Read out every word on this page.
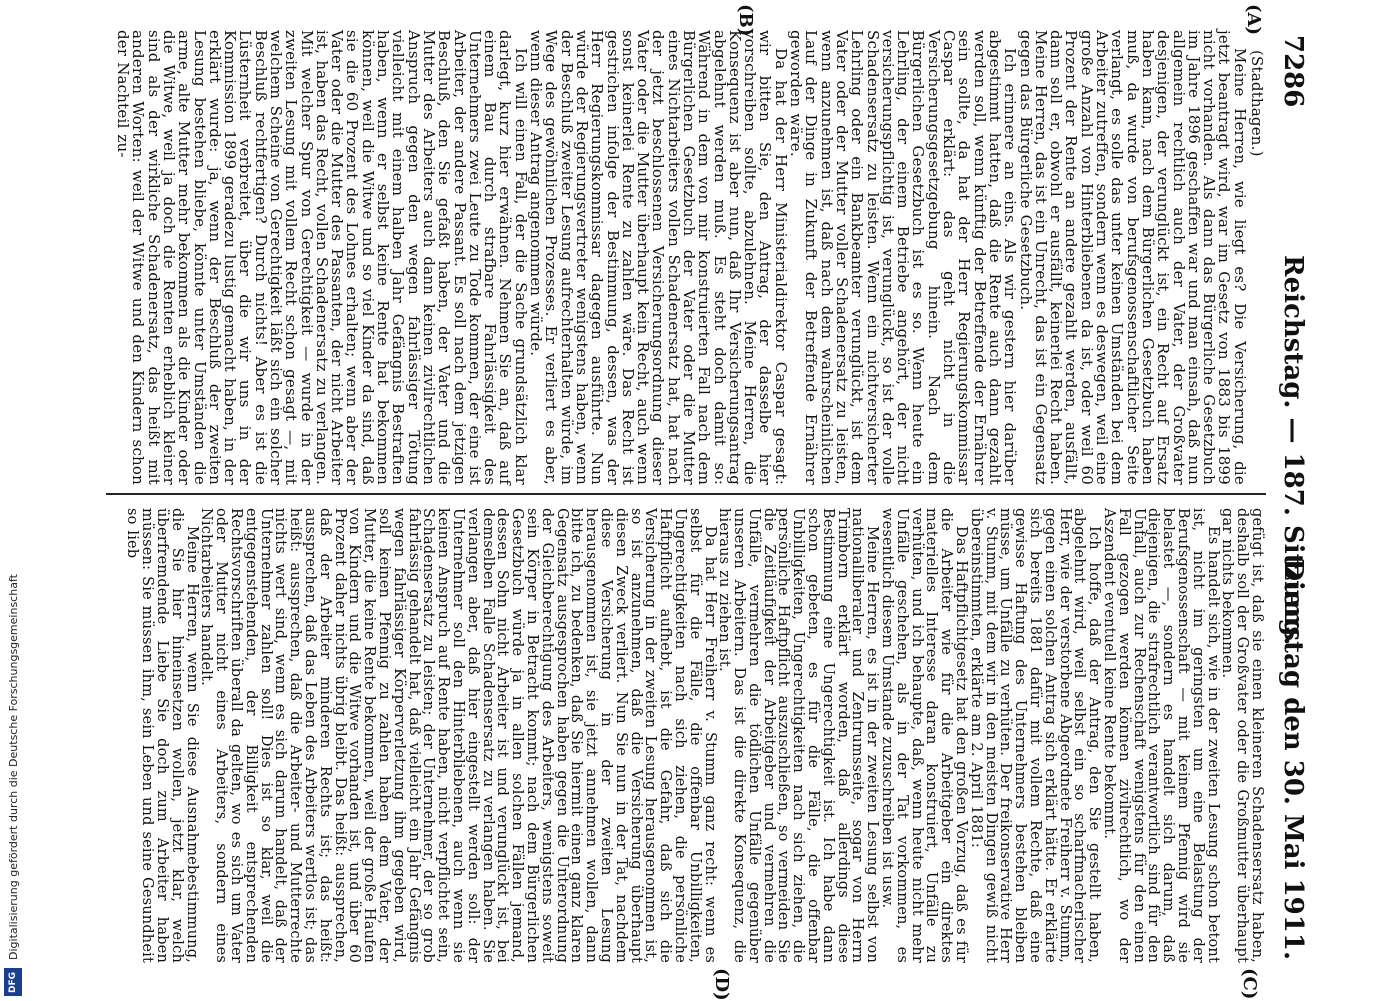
Digitalisierung gefördert durch die Deutsche Forschungsgemeinschaft
DFG
7286
Reichstag. — 187. Sitzung.
Dienstag den 30. Mai 1911.
(A)
(B)
(C)
(D)
(Stadthagen.)

Meine Herren, wie liegt es? Die Versicherung, die jetzt beantragt wird, war im Gesetz von 1883 bis 1899 nicht vorhanden. Als dann das Bürgerliche Gesetzbuch im Jahre 1896 geschaffen war und man einsah, daß nun allgemein rechtlich auch der Vater, der Großvater desjenigen, der verunglückt ist, ein Recht auf Ersatz haben kann, nach dem Bürgerlichen Gesetzbuch haben muß, da wurde von berufsgenossenschaftlicher Seite verlangt, es solle das unter keinen Umständen bei dem Arbeiter zutreffen, sondern wenn es deswegen, weil eine große Anzahl von Hinterbliebenen da ist, oder weil 60 Prozent der Rente an andere gezahlt werden, ausfällt, dann soll er, obwohl er ausfällt, keinerlei Recht haben. Meine Herren, das ist ein Unrecht, das ist ein Gegensatz gegen das Bürgerliche Gesetzbuch.

Ich erinnere an eins. Als wir gestern hier darüber abgestimmt hatten, daß die Rente auch dann gezahlt werden soll, wenn künftig der Betreffende der Ernährer sein sollte, da hat der Herr Regierungskommissar Caspar erklärt: das geht nicht in die Versicherungsgesetzgebung hinein. Nach dem Bürgerlichen Gesetzbuch ist es so. Wenn heute ein Lehrling, der einem Betriebe angehört, der nicht versicherungspflichtig ist, verunglückt, so ist der volle Schadensersatz zu leisten. Wenn ein nichtversicherter Lehrling oder ein Bankbeamter verunglückt, ist dem Vater oder der Mutter voller Schadenersatz zu leisten, wenn anzunehmen ist, daß nach dem wahrscheinlichen Lauf der Dinge in Zukunft der Betreffende Ernährer geworden wäre.

Da hat der Herr Ministerialdirektor Caspar gesagt: wir bitten Sie, den Antrag, der dasselbe hier vorschreiben sollte, abzulehnen. Meine Herren, die Konsequenz ist aber nun, daß Ihr Versicherungsantrag abgelehnt werden muß. Es steht doch damit so: Während in dem von mir konstruierten Fall nach dem Bürgerlichen Gesetzbuch der Vater oder die Mutter eines Nichtarbeiters vollen Schadenersatz hat, hat nach der jetzt beschlossenen Versicherungsordnung dieser Vater oder die Mutter überhaupt kein Recht, auch wenn sonst keinerlei Rente zu zahlen wäre. Das Recht ist gestrichen infolge der Bestimmung, dessen, was der Herr Regierungskommissar dagegen ausführte. Nun würde der Regierungsvertreter wenigstens haben, wenn der Beschluß zweiter Lesung aufrechterhalten würde, im Wege des gewöhnlichen Prozesses. Er verliert es aber, wenn dieser Antrag angenommen würde.

Ich will einen Fall, der die Sache grundsätzlich klar darlegt, kurz hier erwähnen. Nehmen Sie an, daß auf einem Bau durch strafbare Fahrlässigkeit des Unternehmers zwei Leute zu Tode kommen, der eine ist Arbeiter, der andere Passant. Es soll nach dem jetzigen Beschluß, den Sie gefaßt haben, der Vater und die Mutter des Arbeiters auch dann keinen zivilrechtlichen Anspruch gegen den wegen fahrlässiger Tötung vielleicht mit einem halben Jahr Gefängnis Bestraften haben, wenn er selbst keine Rente hat bekommen können, weil die Witwe und so viel Kinder da sind, daß sie die 60 Prozent des Lohnes erhalten; wenn aber der Vater oder die Mutter des Passanten, der nicht Arbeiter ist, haben das Recht, vollen Schadenersatz zu verlangen. Mit welcher Spur von Gerechtigkeit — wurde in der zweiten Lesung mit vollem Recht schon gesagt —, mit welchem Scheine von Gerechtigkeit läßt sich ein solcher Beschluß rechtfertigen? Durch nichts! Aber es ist die Lüsternheit verbreitet, über die wir uns in der Kommission 1899 geradezu lustig gemacht haben, in der erklärt wurde: ja, wenn der Beschluß der zweiten Lesung bestehen bliebe, könnte unter Umständen die arme, alte Mutter mehr bekommen als die Kinder oder die Witwe, weil ja doch die Renten erheblich kleiner sind als der wirkliche Schadenersatz, das heißt mit anderen Worten: weil der Witwe und den Kindern schon der Nachteil zu-

gefügt ist, daß sie einen kleineren Schadensersatz haben, deshalb soll der Großvater oder die Großmutter überhaupt gar nichts bekommen.

Es handelt sich, wie in der zweiten Lesung schon betont ist, nicht im geringsten um eine Belastung der Berufsgenossenschaft — mit keinem Pfennig wird sie belastet —, sondern es handelt sich darum, daß diejenigen, die strafrechtlich verantwortlich sind für den Unfall, auch zur Rechenschaft wenigstens für den einen Fall gezogen werden können zivilrechtlich, wo der Aszendent eventuell keine Rente bekommt.

Ich hoffe, daß der Antrag, den Sie gestellt haben, abgelehnt wird, weil selbst ein so scharfmacherischer Herr, wie der verstorbene Abgeordnete Freiherr v. Stumm, gegen einen solchen Antrag sich erklärt hätte. Er erklärte sich bereits 1881 dafür mit vollem Rechte, daß eine gewisse Haftung des Unternehmers bestehen bleiben müsse, um Unfälle zu verhüten. Der freikonservative Herr v. Stumm, mit dem wir in den meisten Dingen gewiß nicht übereinstimmten, erklärte am 2. April 1881:

Das Haftpflichtgesetz hat den großen Vorzug, daß es für die Arbeiter wie für die Arbeitgeber ein direktes materielles Interesse daran konstruiert, Unfälle zu verhüten, und ich behaupte, daß, wenn heute nicht mehr Unfälle geschehen, als in der Tat vorkommen, es wesentlich diesem Umstande zuzuschreiben ist usw.

Meine Herren, es ist in der zweiten Lesung selbst von nationalliberaler und Zentrumsseite, sogar von Herrn Trimborn erklärt worden, daß allerdings diese Bestimmung eine Ungerechtigkeit ist. Ich habe dann schon gebeten, es für die Fälle, die offenbar Unbilligkeiten, Ungerechtigkeiten nach sich ziehen, die persönliche Haftpflicht auszuschließen, so vermeiden Sie die Zeitläufigkeit der Arbeitgeber und vermehren die Unfälle, vermehren die tödlichen Unfälle gegenüber unseren Arbeitern. Das ist die direkte Konsequenz, die hieraus zu ziehen ist.

Da hat Herr Freiherr v. Stumm ganz recht: wenn es selbst für die Fälle, die offenbar Unbilligkeiten, Ungerechtigkeiten nach sich ziehen, die persönliche Haftpflicht aufhebt, ist die Gefahr, daß sich die Versicherung in der zweiten Lesung herausgenommen ist, so ist anzunehmen, daß die Versicherung überhaupt diesen Zweck verliert. Nun Sie nun in der Tat, nachdem diese Versicherung in der zweiten Lesung herausgenommen ist, sie jetzt annehmen wollen, dann bitte ich, zu bedenken, daß Sie hiermit einen ganz klaren Gegensatz ausgesprochen haben gegen die Unterordnung der Gleichberechtigung des Arbeiters, wenigstens soweit sein Körper in Betracht kommt; nach dem Bürgerlichen Gesetzbuch würde ja in allen solchen Fällen jemand, dessen Sohn nicht Arbeiter ist und verunglückt ist, bei demselben Falle Schadensersatz zu verlangen haben. Sie verlangen aber, daß hier eingestellt werden soll: der Unternehmer soll den Hinterbliebenen, auch wenn sie keinen Anspruch auf Rente haben, nicht verpflichtet sein, Schadensersatz zu leisten; der Unternehmer, der so grob fahrlässig gehandelt hat, daß vielleicht ein Jahr Gefängnis wegen fahrlässiger Körperverletzung ihm gegeben wird, soll keinen Pfennig zu zahlen haben dem Vater, der Mutter, die keine Rente bekommen, weil der große Haufen von Kindern und die Witwe vorhanden ist, und über 60 Prozent daher nichts übrig bleibt. Das heißt: aussprechen, daß der Arbeiter minderen Rechts ist; das heißt: aussprechen, daß das Leben des Arbeiters wertlos ist; das heißt: aussprechen, daß die Arbeiter- und Mutterrechte nichts wert sind, wenn es sich darum handelt, daß der Unternehmer zahlen soll! Dies ist so klar, weil die entgegenstehenden, der Billigkeit entsprechenden Rechtsvorschriften überall da gelten, wo es sich um Vater oder Mutter nicht eines Arbeiters, sondern eines Nichtarbeiters handelt.

Meine Herren, wenn Sie diese Ausnahmebestimmung, die Sie hier hineinsetzen wollen, jetzt klar, welch überfremdende Liebe Sie doch zum Arbeiter haben müssen: Sie müssen ihm, sein Leben und seine Gesundheit so lieb
